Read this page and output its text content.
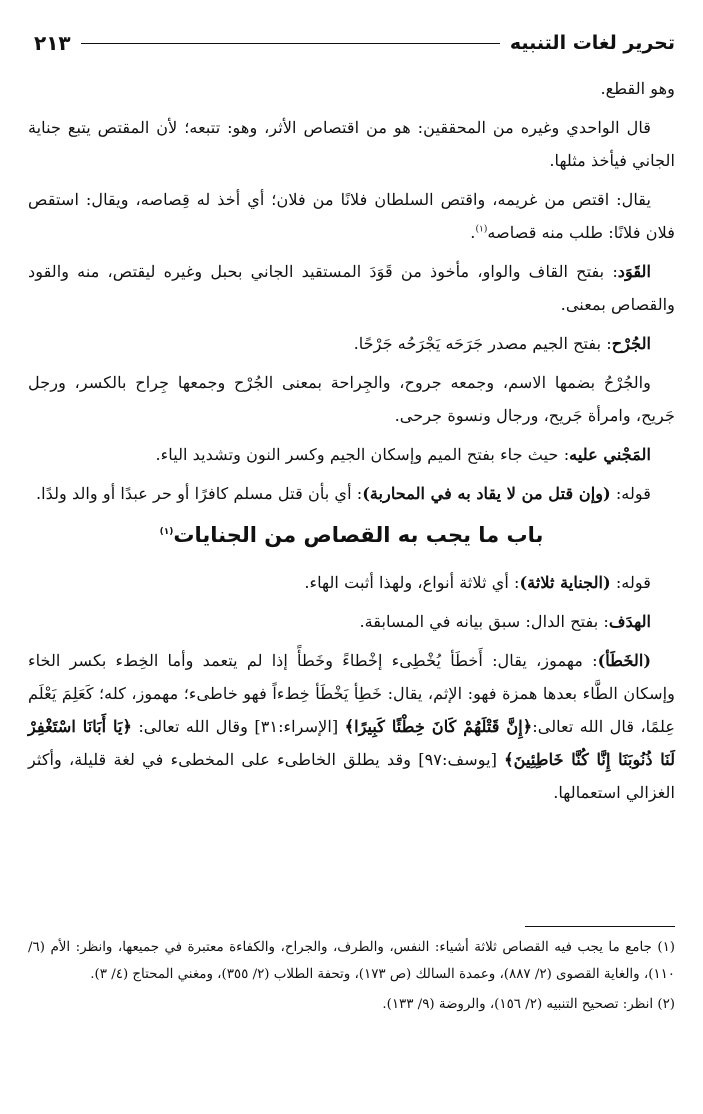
تحرير لغات التنبيه
٢١٣

وهو القطع.

قال الواحدي وغيره من المحققين: هو من اقتصاص الأثر، وهو: تتبعه؛ لأن المقتص يتبع جناية الجاني فيأخذ مثلها.

يقال: اقتص من غريمه، واقتص السلطان فلانًا من فلان؛ أي أخذ له قِصاصه، ويقال: استقص فلان فلانًا: طلب منه قصاصه$^{(١)}$.

القَوَد: بفتح القاف والواو، مأخوذ من قَوَدَ المستقيد الجاني بحبل وغيره ليقتص، منه والقود والقصاص بمعنى.

الجُرْح: بفتح الجيم مصدر جَرَحَه يَجْرَحُه جَرْحًا.

والجُرْحُ بضمها الاسم، وجمعه جروح، والجِراحة بمعنى الجُرْح وجمعها جِراح بالكسر، ورجل جَريح، وامرأة جَريح، ورجال ونسوة جرحى.

المَجْني عليه: حيث جاء بفتح الميم وإسكان الجيم وكسر النون وتشديد الياء.

قوله: (وإن قتل من لا يقاد به في المحاربة): أي بأن قتل مسلم كافرًا أو حر عبدًا أو والد ولدًا.

باب ما يجب به القصاص من الجنايات$^{(١)}$

قوله: (الجناية ثلاثة): أي ثلاثة أنواع، ولهذا أثبت الهاء.

الهدَف: بفتح الدال: سبق بيانه في المسابقة.

(الخَطَأ): مهموز، يقال: أَخطَأ يُخْطِىء إخْطاءً وخَطأً إذا لم يتعمد وأما الخِطء بكسر الخاء وإسكان الطَّاء بعدها همزة فهو: الإثم، يقال: خَطِأ يَخْطَأ خِطءاً فهو خاطىء؛ مهموز، كله؛ كَعَلِمَ يَعْلَم عِلمًا، قال الله تعالى:﴿إِنَّ قَتْلَهُمْ كَانَ خِطْئًا كَبِيرًا﴾ [الإسراء:٣١] وقال الله تعالى: ﴿يَا أَبَانَا اسْتَغْفِرْ لَنَا ذُنُوبَنَا إِنَّا كُنَّا خَاطِئِينَ﴾ [يوسف:٩٧] وقد يطلق الخاطىء على المخطىء في لغة قليلة، وأكثر الغزالي استعمالها.

(١) جامع ما يجب فيه القصاص ثلاثة أشياء: النفس، والطرف، والجراح، والكفاءة معتبرة في جميعها، وانظر: الأم (٦/ ١١٠)، والغاية القصوى (٢/ ٨٨٧)، وعمدة السالك (ص ١٧٣)، وتحفة الطلاب (٢/ ٣٥٥)، ومغني المحتاج (٤/ ٣).

(٢) انظر: تصحيح التنبيه (٢/ ١٥٦)، والروضة (٩/ ١٣٣).
